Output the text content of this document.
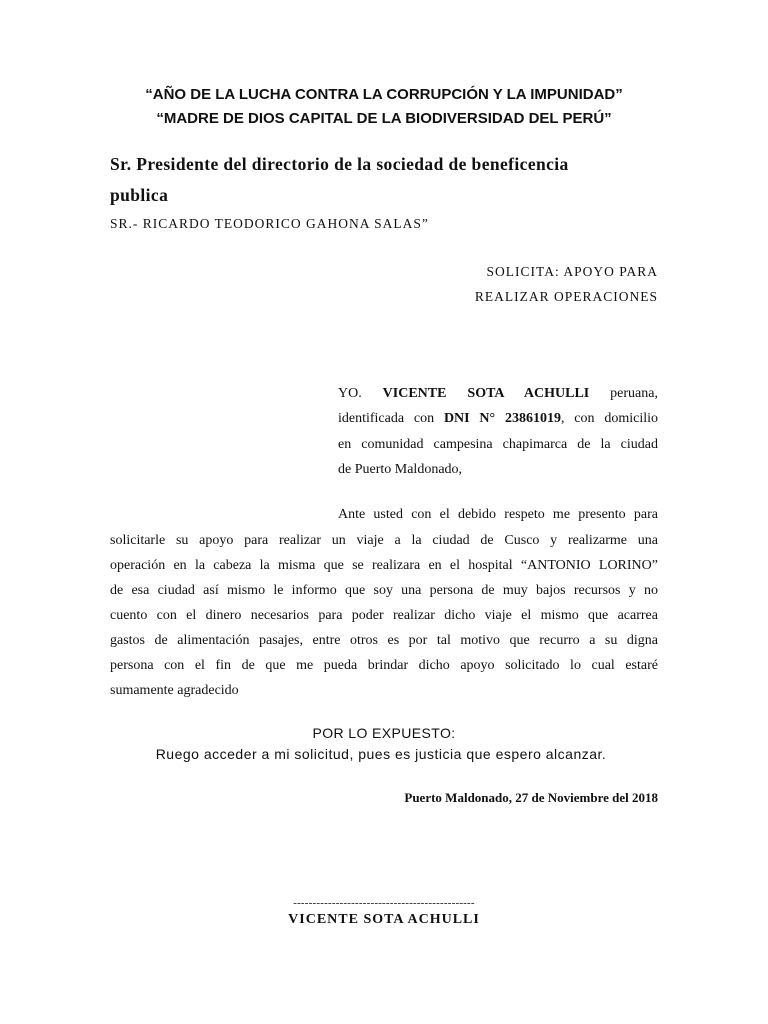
“AÑO DE LA LUCHA CONTRA LA CORRUPCIÓN Y LA IMPUNIDAD”
“MADRE DE DIOS CAPITAL DE LA BIODIVERSIDAD DEL PERÚ”
Sr. Presidente del directorio de la sociedad de beneficencia
publica
SR.- RICARDO TEODORICO GAHONA SALAS”
SOLICITA: APOYO PARA
REALIZAR OPERACIONES
YO. VICENTE SOTA ACHULLI peruana,
identificada con DNI N° 23861019, con domicilio
en comunidad campesina chapimarca de la ciudad
de Puerto Maldonado,
Ante usted con el debido respeto me presento para
solicitarle su apoyo para realizar un viaje a la ciudad de Cusco y realizarme una
operación en la cabeza la misma que se realizara en el hospital “ANTONIO LORINO”
de esa ciudad así mismo le informo que soy una persona de muy bajos recursos y no
cuento con el dinero necesarios para poder realizar dicho viaje el mismo que acarrea
gastos de alimentación pasajes, entre otros es por tal motivo que recurro a su digna
persona con el fin de que me pueda brindar dicho apoyo solicitado lo cual estaré
sumamente agradecido
POR LO EXPUESTO:
Ruego acceder a mi solicitud, pues es justicia que espero alcanzar.
Puerto Maldonado, 27 de Noviembre del 2018
-----------------------------------------------
VICENTE SOTA ACHULLI
